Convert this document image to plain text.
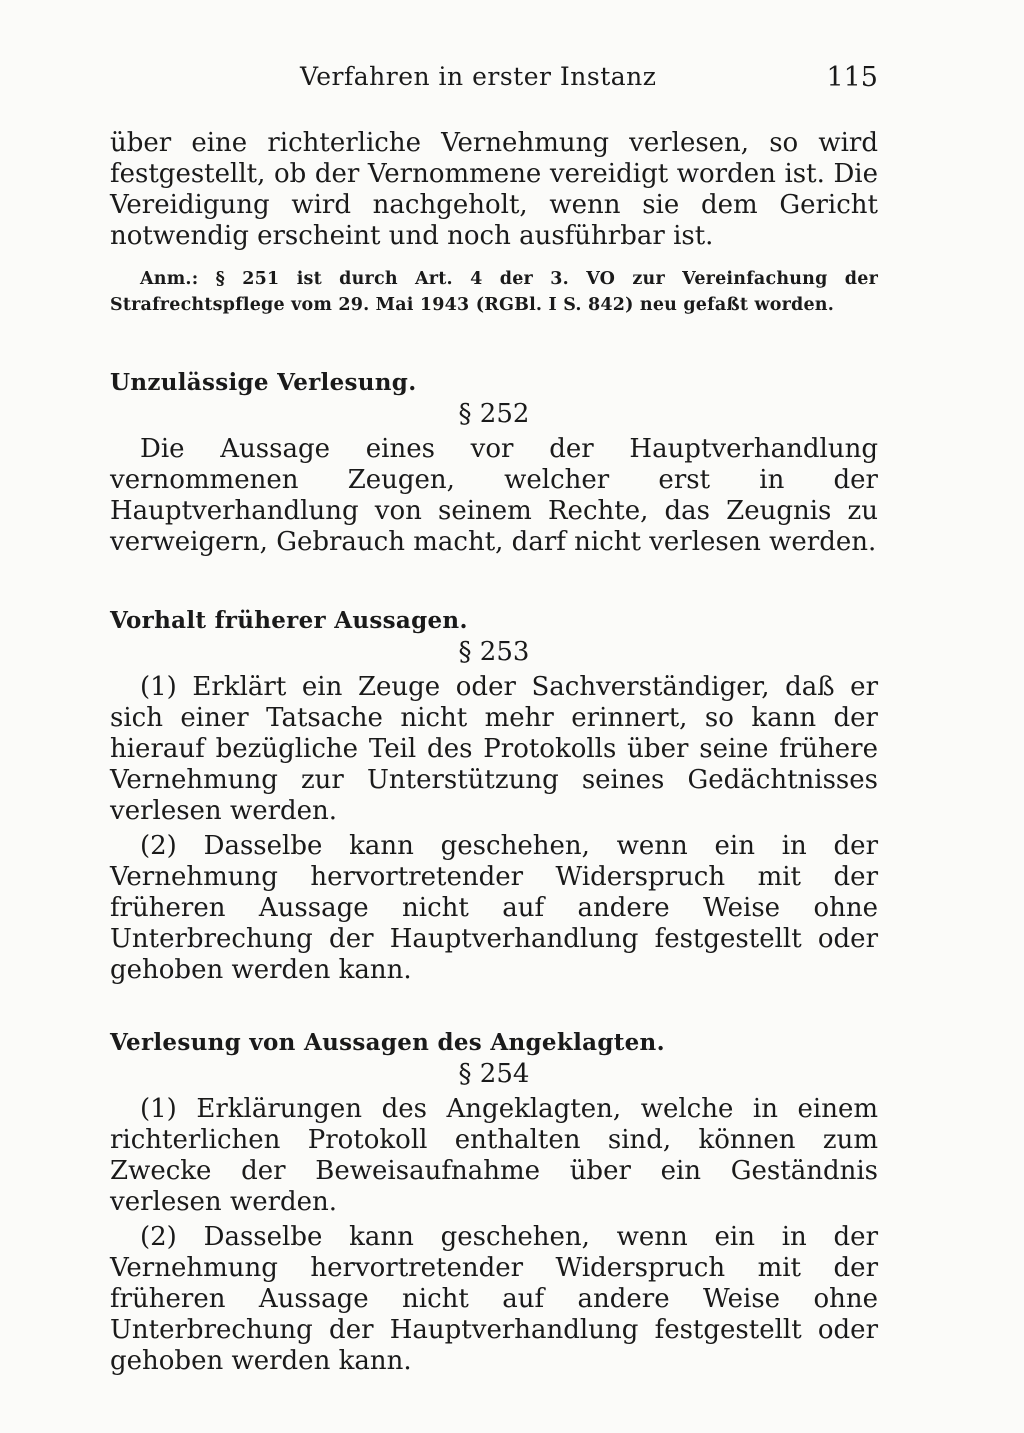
Verfahren in erster Instanz	115

über eine richterliche Vernehmung verlesen, so wird festgestellt, ob der Vernommene vereidigt worden ist. Die Vereidigung wird nachgeholt, wenn sie dem Gericht notwendig erscheint und noch ausführbar ist.

Anm.: § 251 ist durch Art. 4 der 3. VO zur Vereinfachung der Strafrechtspflege vom 29. Mai 1943 (RGBl. I S. 842) neu gefaßt worden.

Unzulässige Verlesung.
§ 252

Die Aussage eines vor der Hauptverhandlung vernommenen Zeugen, welcher erst in der Hauptverhandlung von seinem Rechte, das Zeugnis zu verweigern, Gebrauch macht, darf nicht verlesen werden.

Vorhalt früherer Aussagen.
§ 253

(1) Erklärt ein Zeuge oder Sachverständiger, daß er sich einer Tatsache nicht mehr erinnert, so kann der hierauf bezügliche Teil des Protokolls über seine frühere Vernehmung zur Unterstützung seines Gedächtnisses verlesen werden.

(2) Dasselbe kann geschehen, wenn ein in der Vernehmung hervortretender Widerspruch mit der früheren Aussage nicht auf andere Weise ohne Unterbrechung der Hauptverhandlung festgestellt oder gehoben werden kann.

Verlesung von Aussagen des Angeklagten.
§ 254

(1) Erklärungen des Angeklagten, welche in einem richterlichen Protokoll enthalten sind, können zum Zwecke der Beweisaufnahme über ein Geständnis verlesen werden.

(2) Dasselbe kann geschehen, wenn ein in der Vernehmung hervortretender Widerspruch mit der früheren Aussage nicht auf andere Weise ohne Unterbrechung der Hauptverhandlung festgestellt oder gehoben werden kann.
